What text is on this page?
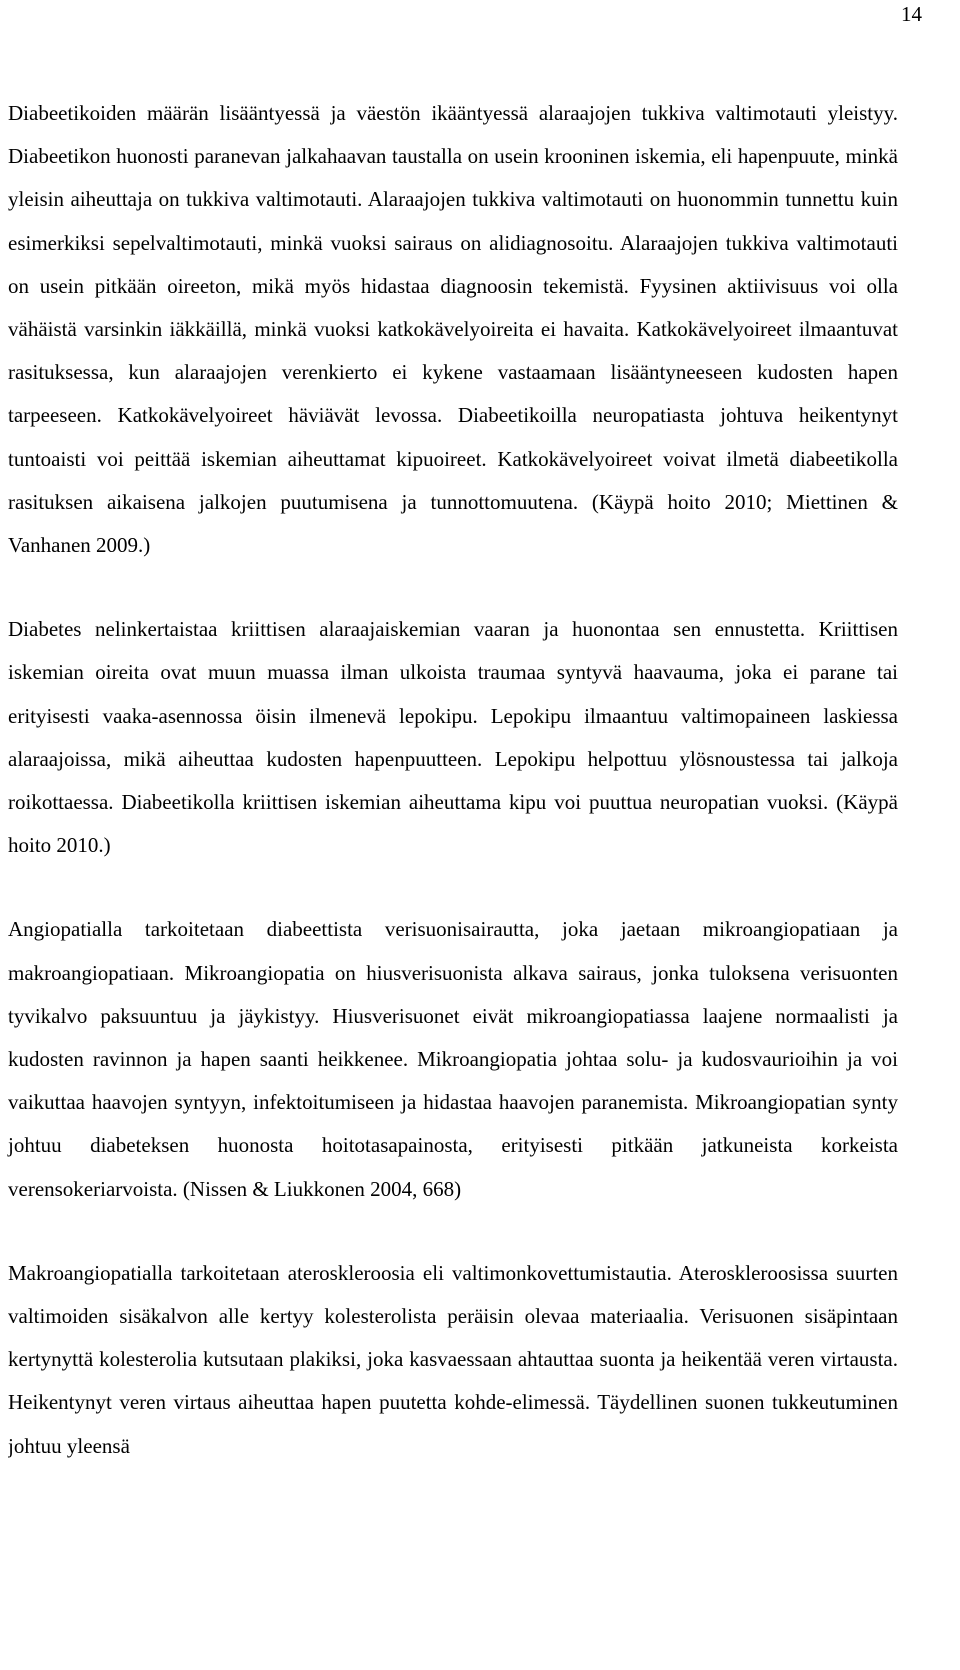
14

Diabeetikoiden määrän lisääntyessä ja väestön ikääntyessä alaraajojen tukkiva valtimotauti yleistyy. Diabeetikon huonosti paranevan jalkahaavan taustalla on usein krooninen iskemia, eli hapenpuute, minkä yleisin aiheuttaja on tukkiva valtimotauti. Alaraajojen tukkiva valtimotauti on huonommin tunnettu kuin esimerkiksi sepelvaltimotauti, minkä vuoksi sairaus on alidiagnosoitu. Alaraajojen tukkiva valtimotauti on usein pitkään oireeton, mikä myös hidastaa diagnoosin tekemistä. Fyysinen aktiivisuus voi olla vähäistä varsinkin iäkkäillä, minkä vuoksi katkokävelyoireita ei havaita. Katkokävelyoireet ilmaantuvat rasituksessa, kun alaraajojen verenkierto ei kykene vastaamaan lisääntyneeseen kudosten hapen tarpeeseen. Katkokävelyoireet häviävät levossa. Diabeetikoilla neuropatiasta johtuva heikentynyt tuntoaisti voi peittää iskemian aiheuttamat kipuoireet. Katkokävelyoireet voivat ilmetä diabeetikolla rasituksen aikaisena jalkojen puutumisena ja tunnottomuutena. (Käypä hoito 2010; Miettinen & Vanhanen 2009.)

Diabetes nelinkertaistaa kriittisen alaraajaiskemian vaaran ja huonontaa sen ennustetta. Kriittisen iskemian oireita ovat muun muassa ilman ulkoista traumaa syntyvä haavauma, joka ei parane tai erityisesti vaaka-asennossa öisin ilmenevä lepokipu. Lepokipu ilmaantuu valtimopaineen laskiessa alaraajoissa, mikä aiheuttaa kudosten hapenpuutteen. Lepokipu helpottuu ylösnoustessa tai jalkoja roikottaessa. Diabeetikolla kriittisen iskemian aiheuttama kipu voi puuttua neuropatian vuoksi. (Käypä hoito 2010.)

Angiopatialla tarkoitetaan diabeettista verisuonisairautta, joka jaetaan mikroangiopatiaan ja makroangiopatiaan. Mikroangiopatia on hiusverisuonista alkava sairaus, jonka tuloksena verisuonten tyvikalvo paksuuntuu ja jäykistyy. Hiusverisuonet eivät mikroangiopatiassa laajene normaalisti ja kudosten ravinnon ja hapen saanti heikkenee. Mikroangiopatia johtaa solu- ja kudosvaurioihin ja voi vaikuttaa haavojen syntyyn, infektoitumiseen ja hidastaa haavojen paranemista. Mikroangiopatian synty johtuu diabeteksen huonosta hoitotasapainosta, erityisesti pitkään jatkuneista korkeista verensokeriarvoista. (Nissen & Liukkonen 2004, 668)

Makroangiopatialla tarkoitetaan ateroskleroosia eli valtimonkovettumistautia. Ateroskleroosissa suurten valtimoiden sisäkalvon alle kertyy kolesterolista peräisin olevaa materiaalia. Verisuonen sisäpintaan kertynyttä kolesterolia kutsutaan plakiksi, joka kasvaessaan ahtauttaa suonta ja heikentää veren virtausta. Heikentynyt veren virtaus aiheuttaa hapen puutetta kohde-elimessä. Täydellinen suonen tukkeutuminen johtuu yleensä
